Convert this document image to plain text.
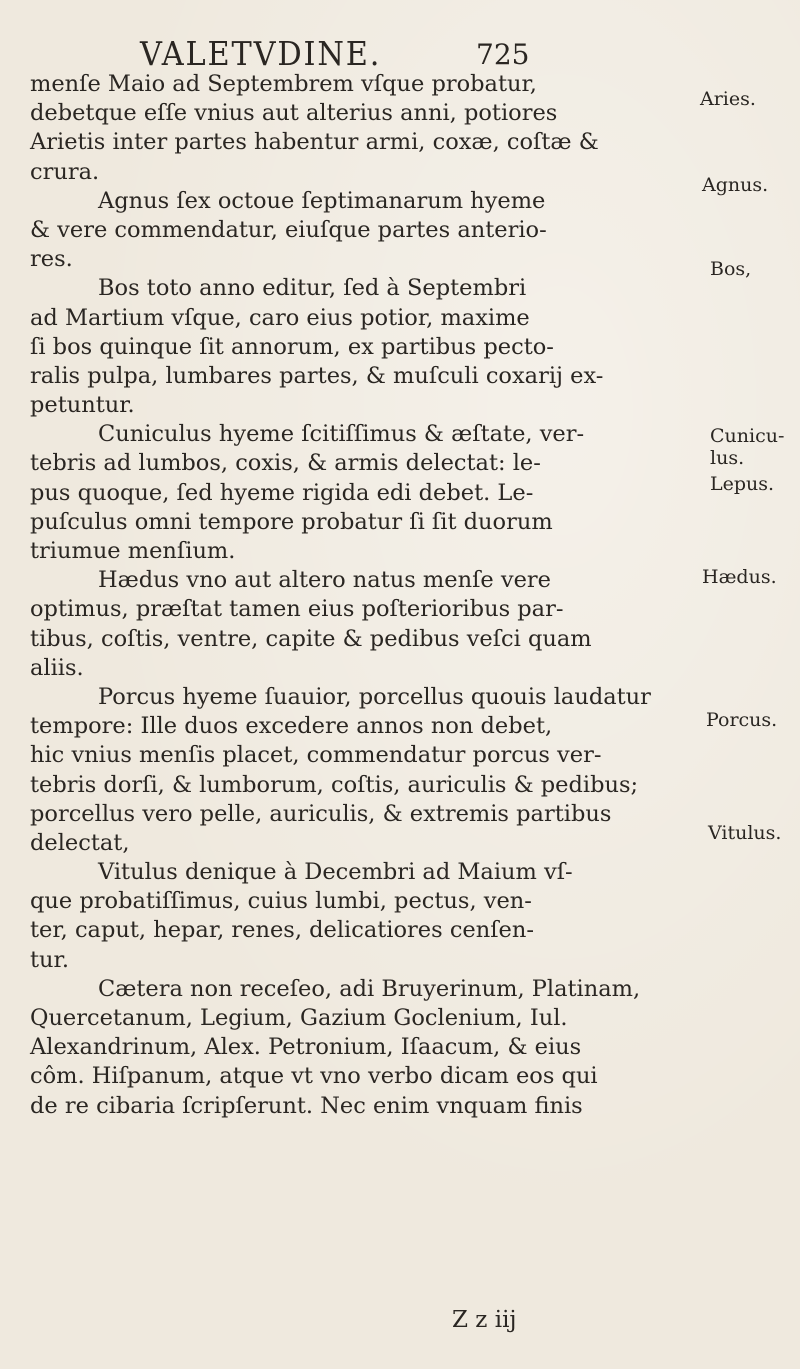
VALETVDINE.	725
menſe Maio ad Septembrem vſque probatur,
debetque eſſe vnius aut alterius anni, potiores
Arietis inter partes habentur armi, coxæ, coſtæ &
crura.
Agnus ſex octoue ſeptimanarum hyeme
& vere commendatur, eiuſque partes anterio-
res.
Bos toto anno editur, ſed à Septembri
ad Martium vſque, caro eius potior, maxime
ſi bos quinque ſit annorum, ex partibus pecto-
ralis pulpa, lumbares partes, & muſculi coxarij ex-
petuntur.
Cuniculus hyeme ſcitiſſimus & æſtate, ver-
tebris ad lumbos, coxis, & armis delectat: le-
pus quoque, ſed hyeme rigida edi debet. Le-
puſculus omni tempore probatur ſi ſit duorum
triumue menſium.
Hædus vno aut altero natus menſe vere
optimus, præſtat tamen eius poſterioribus par-
tibus, coſtis, ventre, capite & pedibus veſci quam
aliis.
Porcus hyeme ſuauior, porcellus quouis laudatur
tempore: Ille duos excedere annos non debet,
hic vnius menſis placet, commendatur porcus ver-
tebris dorſi, & lumborum, coſtis, auriculis & pedibus;
porcellus vero pelle, auriculis, & extremis partibus
delectat,
Vitulus denique à Decembri ad Maium vſ-
que probatiſſimus, cuius lumbi, pectus, ven-
ter, caput, hepar, renes, delicatiores cenſen-
tur.
Cætera non receſeo, adi Bruyerinum, Platinam,
Quercetanum, Legium, Gazium Goclenium, Iul.
Alexandrinum, Alex. Petronium, Iſaacum, & eius
côm. Hiſpanum, atque vt vno verbo dicam eos qui
de re cibaria ſcripſerunt. Nec enim vnquam finis
Aries.
Agnus.
Bos,
Cunicu-lus.
Lepus.
Hædus.
Porcus.
Vitulus.
Z z iij
